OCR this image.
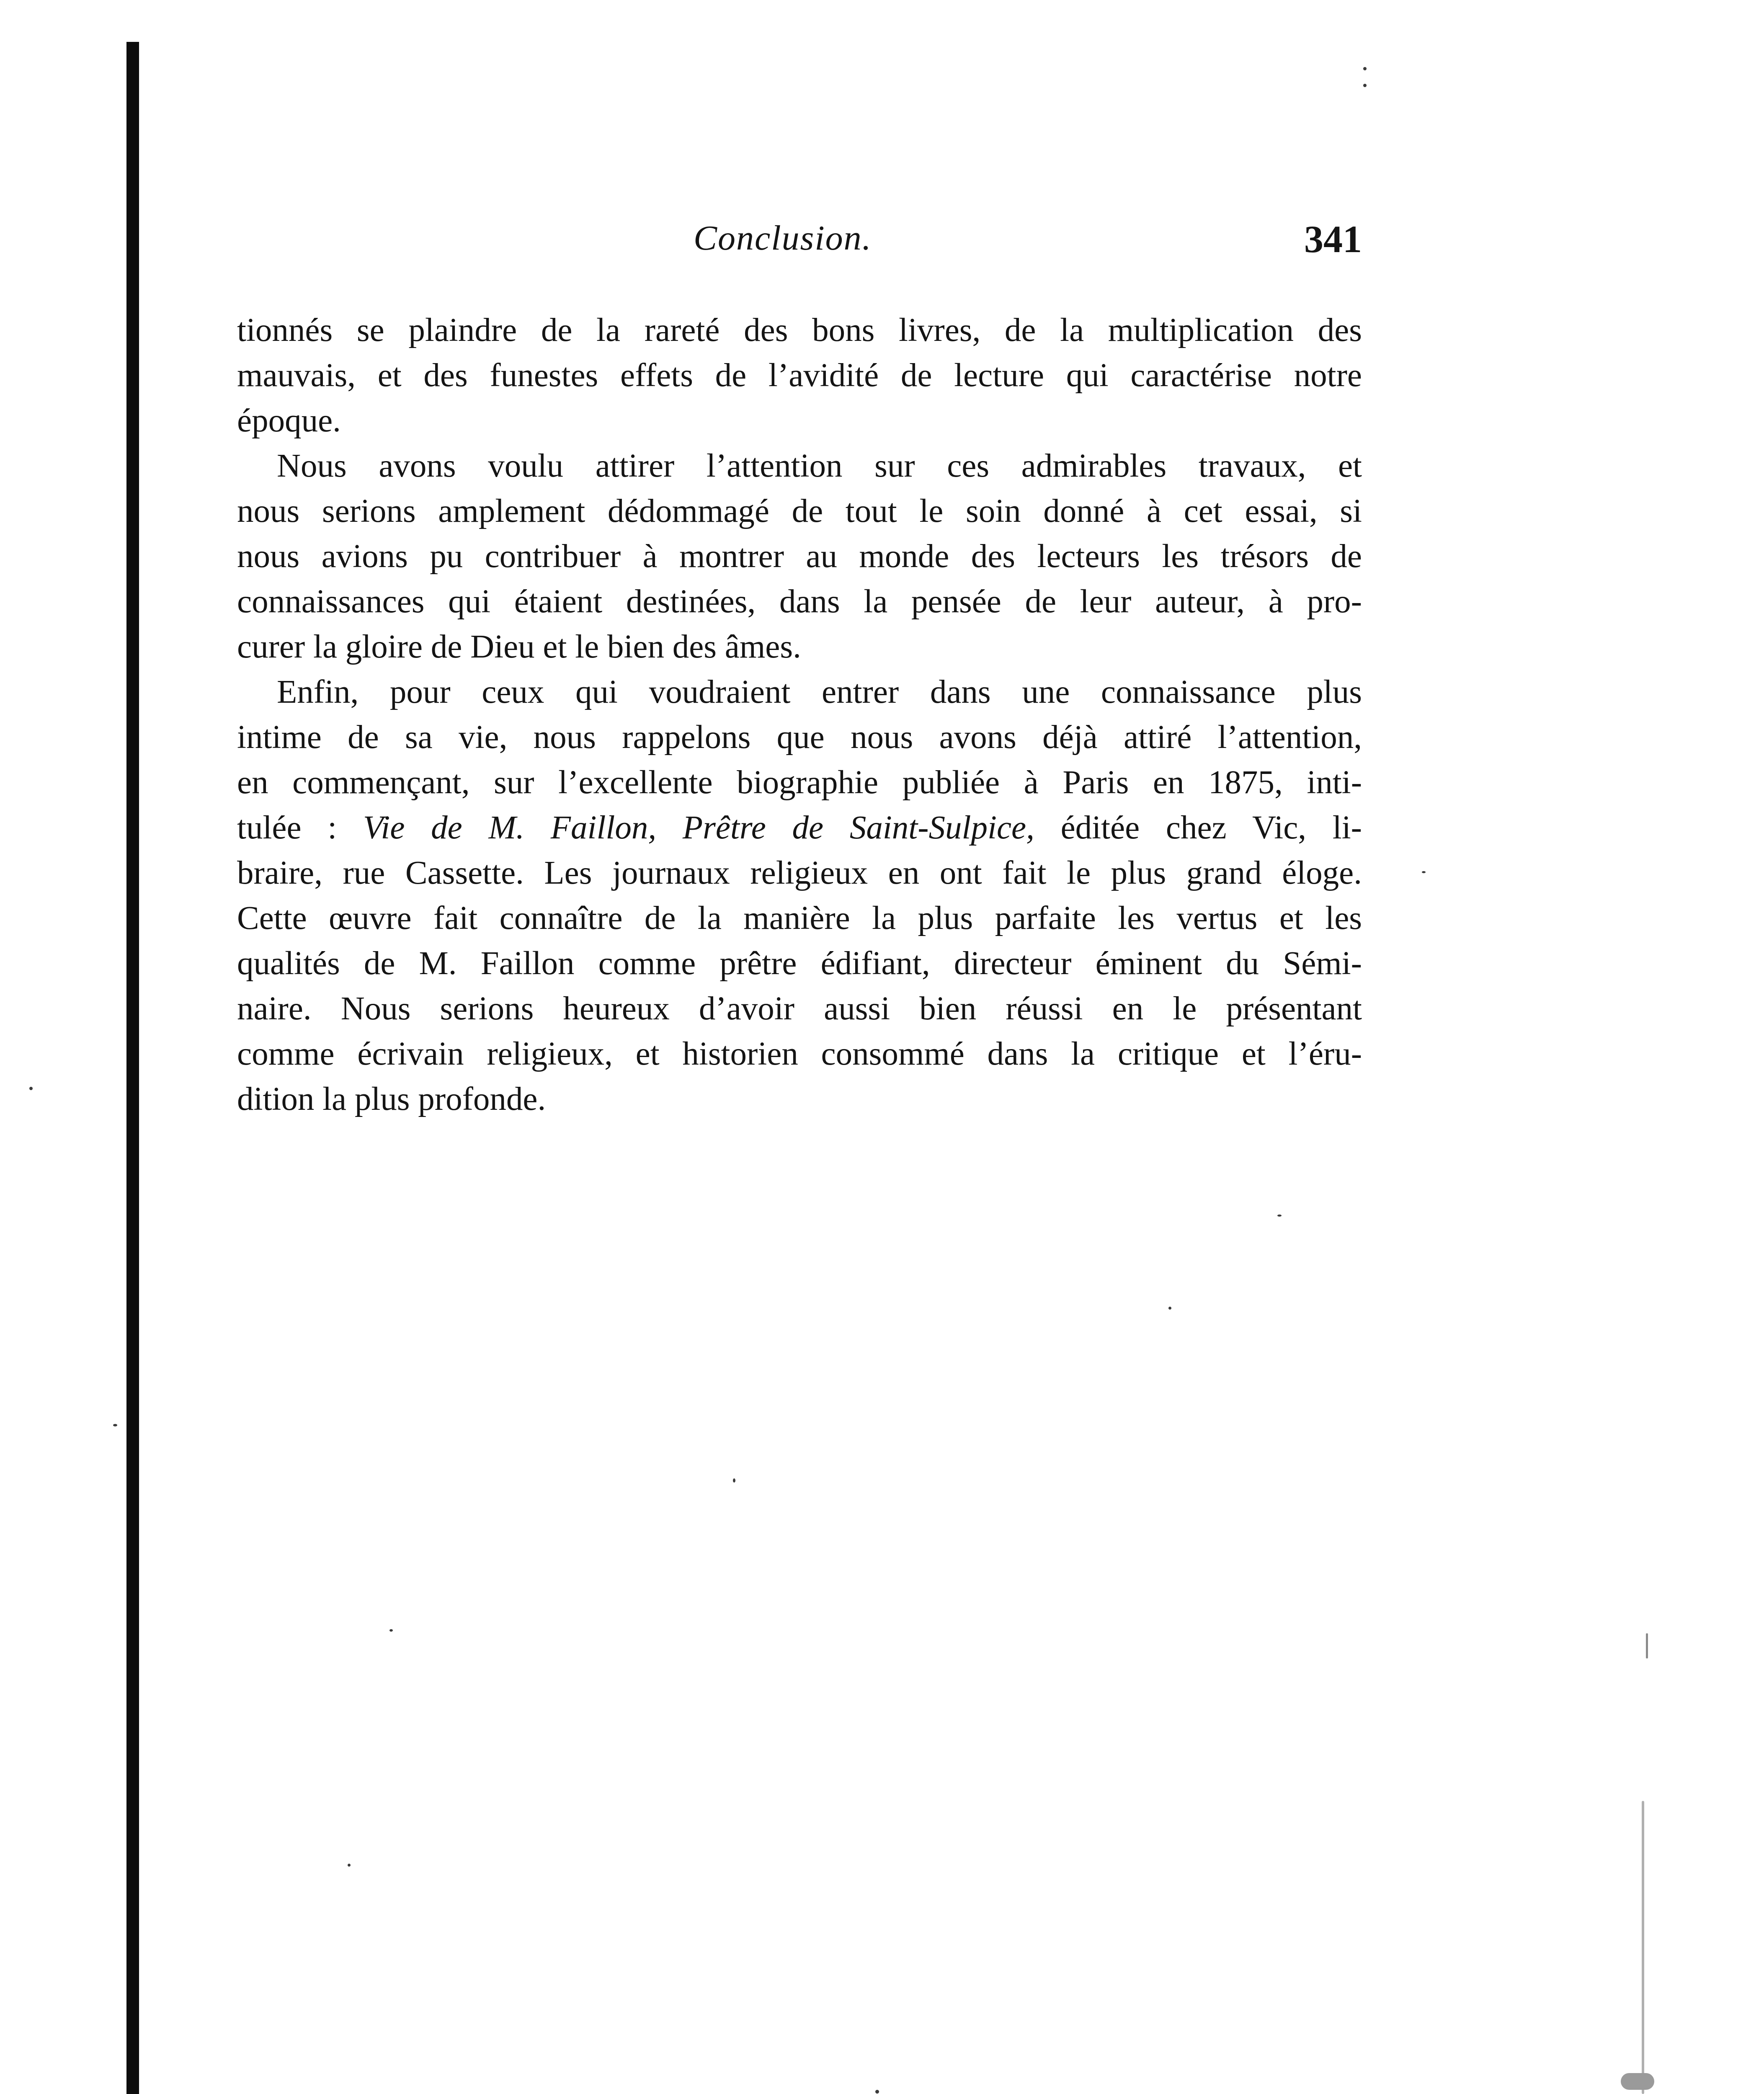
Conclusion.	341
tionnés se plaindre de la rareté des bons livres, de la multiplication des
mauvais, et des funestes effets de l’avidité de lecture qui caractérise notre
époque.
Nous avons voulu attirer l’attention sur ces admirables travaux, et
nous serions amplement dédommagé de tout le soin donné à cet essai, si
nous avions pu contribuer à montrer au monde des lecteurs les trésors de
connaissances qui étaient destinées, dans la pensée de leur auteur, à pro-
curer la gloire de Dieu et le bien des âmes.
Enfin, pour ceux qui voudraient entrer dans une connaissance plus
intime de sa vie, nous rappelons que nous avons déjà attiré l’attention,
en commençant, sur l’excellente biographie publiée à Paris en 1875, inti-
tulée : Vie de M. Faillon, Prêtre de Saint-Sulpice, éditée chez Vic, li-
braire, rue Cassette. Les journaux religieux en ont fait le plus grand éloge.
Cette œuvre fait connaître de la manière la plus parfaite les vertus et les
qualités de M. Faillon comme prêtre édifiant, directeur éminent du Sémi-
naire. Nous serions heureux d’avoir aussi bien réussi en le présentant
comme écrivain religieux, et historien consommé dans la critique et l’éru-
dition la plus profonde.
